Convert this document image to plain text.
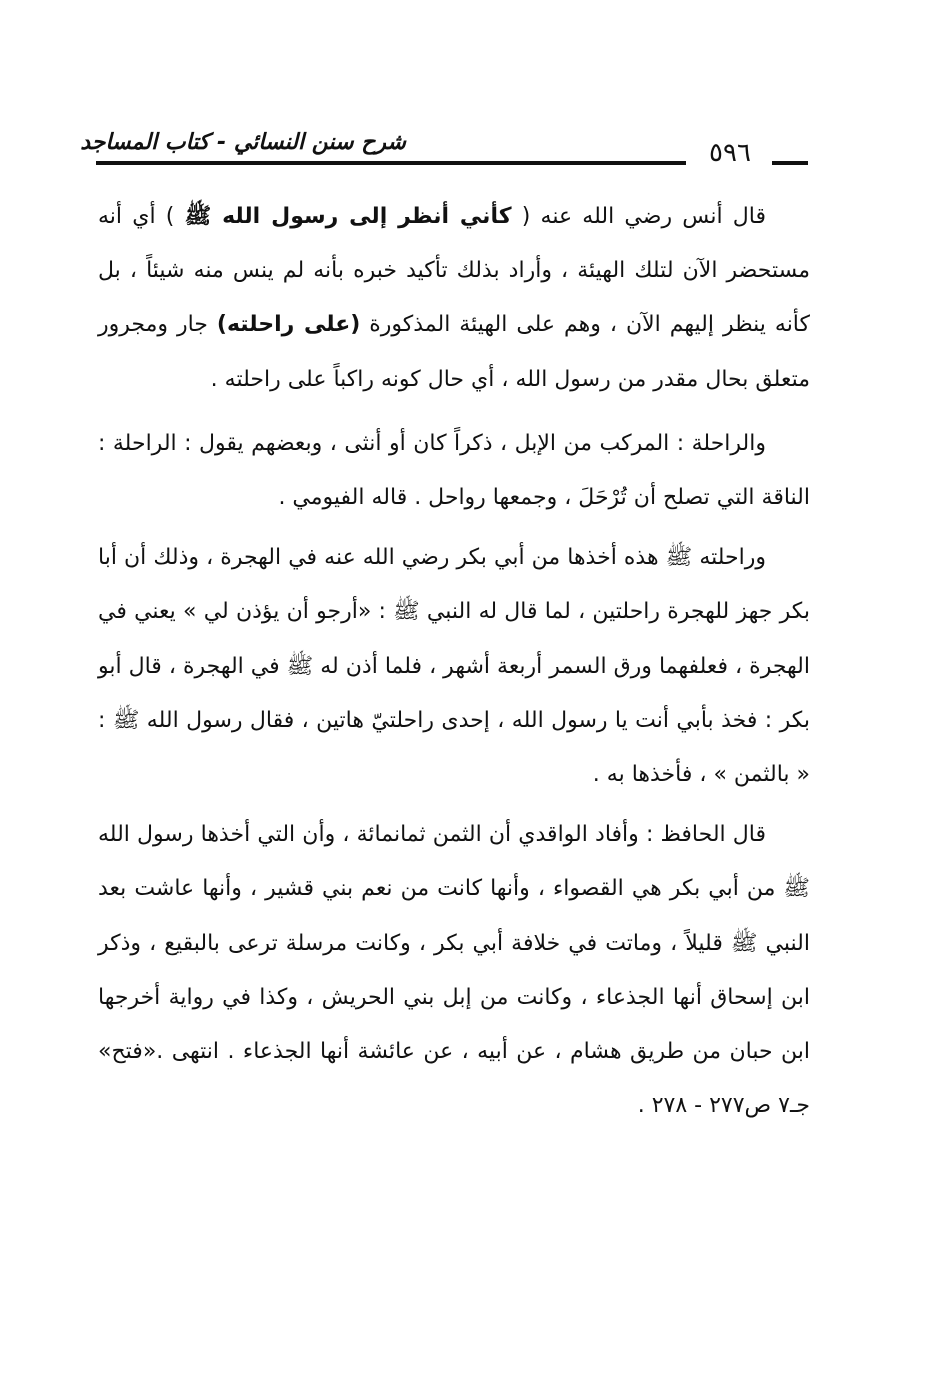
شرح سنن النسائي - كتاب المساجد	٥٩٦

قال أنس رضي الله عنه ( كأني أنظر إلى رسول الله ﷺ ) أي أنه مستحضر الآن لتلك الهيئة ، وأراد بذلك تأكيد خبره بأنه لم ينس منه شيئاً ، بل كأنه ينظر إليهم الآن ، وهم على الهيئة المذكورة (على راحلته) جار ومجرور متعلق بحال مقدر من رسول الله ، أي حال كونه راكباً على راحلته .

والراحلة : المركب من الإبل ، ذكراً كان أو أنثى ، وبعضهم يقول : الراحلة : الناقة التي تصلح أن تُرْحَلَ ، وجمعها رواحل . قاله الفيومي .

وراحلته ﷺ هذه أخذها من أبي بكر رضي الله عنه في الهجرة ، وذلك أن أبا بكر جهز للهجرة راحلتين ، لما قال له النبي ﷺ : «أرجو أن يؤذن لي » يعني في الهجرة ، فعلفهما ورق السمر أربعة أشهر ، فلما أذن له ﷺ في الهجرة ، قال أبو بكر : فخذ بأبي أنت يا رسول الله ، إحدى راحلتيّ هاتين ، فقال رسول الله ﷺ : « بالثمن » ، فأخذها به .

قال الحافظ : وأفاد الواقدي أن الثمن ثمانمائة ، وأن التي أخذها رسول الله ﷺ من أبي بكر هي القصواء ، وأنها كانت من نعم بني قشير ، وأنها عاشت بعد النبي ﷺ قليلاً ، وماتت في خلافة أبي بكر ، وكانت مرسلة ترعى بالبقيع ، وذكر ابن إسحاق أنها الجذعاء ، وكانت من إبل بني الحريش ، وكذا في رواية أخرجها ابن حبان من طريق هشام ، عن أبيه ، عن عائشة أنها الجذعاء . انتهى .«فتح» جـ٧ ص٢٧٧ - ٢٧٨ .
